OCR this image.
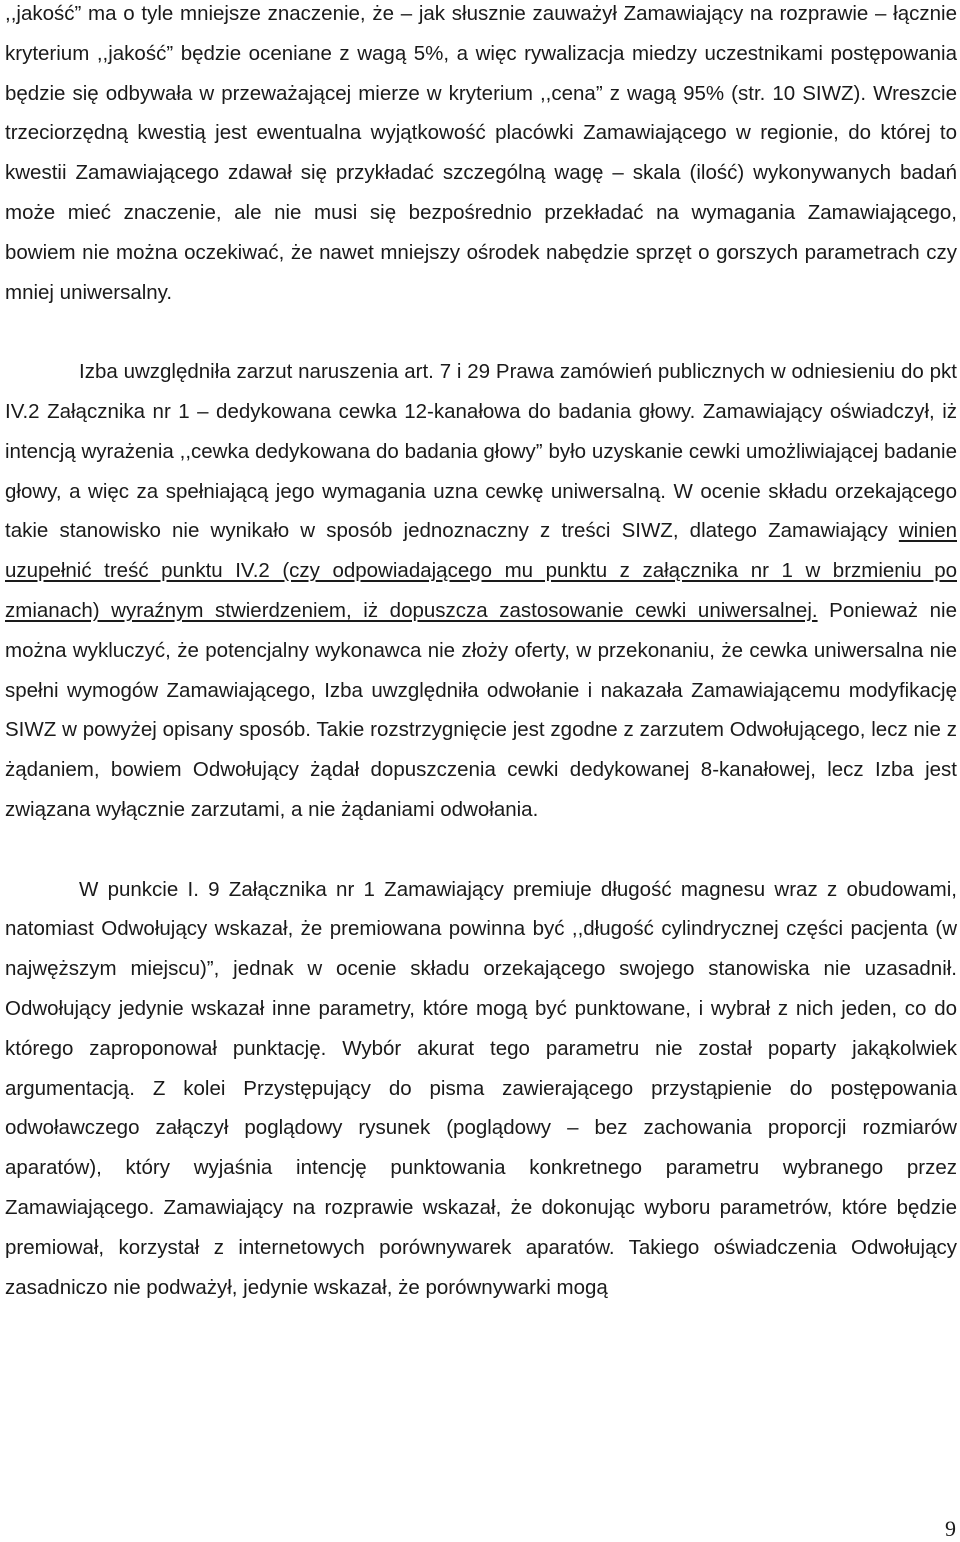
,,jakość” ma o tyle mniejsze znaczenie, że – jak słusznie zauważył Zamawiający na rozprawie – łącznie kryterium ,,jakość” będzie oceniane z wagą 5%, a więc rywalizacja miedzy uczestnikami postępowania będzie się odbywała w przeważającej mierze w kryterium ,,cena” z wagą 95% (str. 10 SIWZ). Wreszcie trzeciorzędną kwestią jest ewentualna wyjątkowość placówki Zamawiającego w regionie, do której to kwestii Zamawiającego zdawał się przykładać szczególną wagę – skala (ilość) wykonywanych badań może mieć znaczenie, ale nie musi się bezpośrednio przekładać na wymagania Zamawiającego, bowiem nie można oczekiwać, że nawet mniejszy ośrodek nabędzie sprzęt o gorszych parametrach czy mniej uniwersalny.

Izba uwzględniła zarzut naruszenia art. 7 i 29 Prawa zamówień publicznych w odniesieniu do pkt IV.2 Załącznika nr 1 – dedykowana cewka 12-kanałowa do badania głowy. Zamawiający oświadczył, iż intencją wyrażenia ,,cewka dedykowana do badania głowy” było uzyskanie cewki umożliwiającej badanie głowy, a więc za spełniającą jego wymagania uzna cewkę uniwersalną. W ocenie składu orzekającego takie stanowisko nie wynikało w sposób jednoznaczny z treści SIWZ, dlatego Zamawiający winien uzupełnić treść punktu IV.2 (czy odpowiadającego mu punktu z załącznika nr 1 w brzmieniu po zmianach) wyraźnym stwierdzeniem, iż dopuszcza zastosowanie cewki uniwersalnej. Ponieważ nie można wykluczyć, że potencjalny wykonawca nie złoży oferty, w przekonaniu, że cewka uniwersalna nie spełni wymogów Zamawiającego, Izba uwzględniła odwołanie i nakazała Zamawiającemu modyfikację SIWZ w powyżej opisany sposób. Takie rozstrzygnięcie jest zgodne z zarzutem Odwołującego, lecz nie z żądaniem, bowiem Odwołujący żądał dopuszczenia cewki dedykowanej 8-kanałowej, lecz Izba jest związana wyłącznie zarzutami, a nie żądaniami odwołania.

W punkcie I. 9 Załącznika nr 1 Zamawiający premiuje długość magnesu wraz z obudowami, natomiast Odwołujący wskazał, że premiowana powinna być ,,długość cylindrycznej części pacjenta (w najwęższym miejscu)”, jednak w ocenie składu orzekającego swojego stanowiska nie uzasadnił. Odwołujący jedynie wskazał inne parametry, które mogą być punktowane, i wybrał z nich jeden, co do którego zaproponował punktację. Wybór akurat tego parametru nie został poparty jakąkolwiek argumentacją. Z kolei Przystępujący do pisma zawierającego przystąpienie do postępowania odwoławczego załączył poglądowy rysunek (poglądowy – bez zachowania proporcji rozmiarów aparatów), który wyjaśnia intencję punktowania konkretnego parametru wybranego przez Zamawiającego. Zamawiający na rozprawie wskazał, że dokonując wyboru parametrów, które będzie premiował, korzystał z internetowych porównywarek aparatów. Takiego oświadczenia Odwołujący zasadniczo nie podważył, jedynie wskazał, że porównywarki mogą

9
